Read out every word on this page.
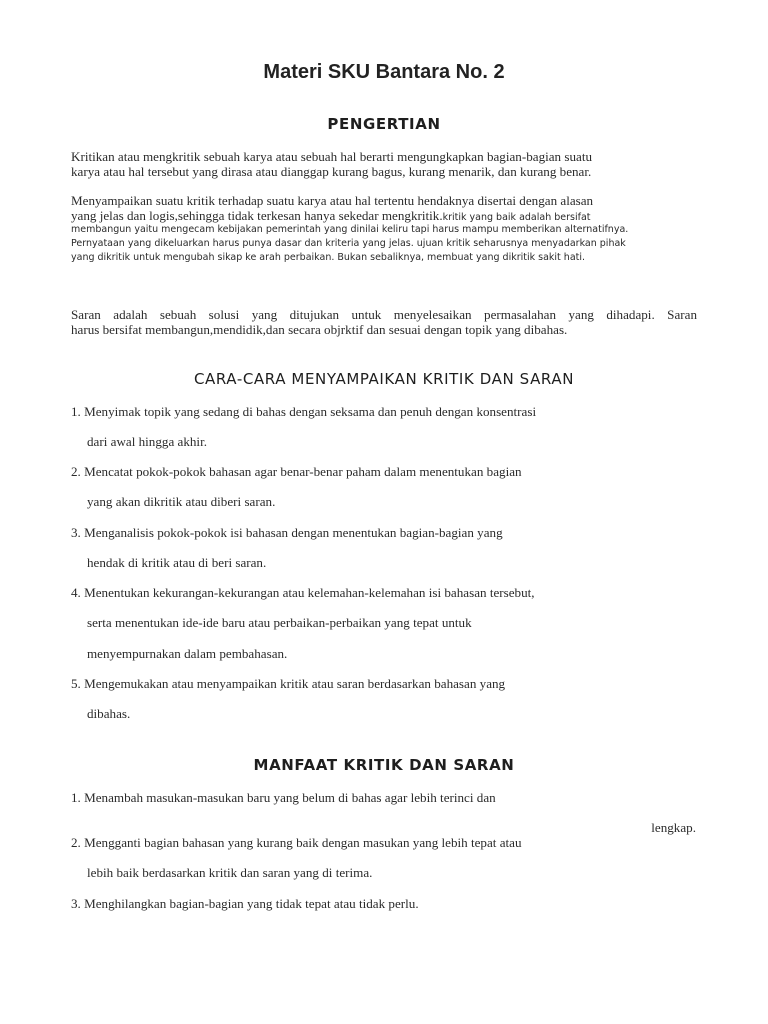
Materi SKU Bantara No. 2
PENGERTIAN
Kritikan atau mengkritik sebuah karya atau sebuah hal berarti mengungkapkan bagian-bagian suatu
karya atau hal tersebut yang dirasa atau dianggap kurang bagus, kurang menarik, dan kurang benar.
Menyampaikan suatu kritik terhadap suatu karya atau hal tertentu hendaknya disertai dengan alasan
yang jelas dan logis,sehingga tidak terkesan hanya sekedar mengkritik.kritik yang baik adalah bersifat
membangun yaitu mengecam kebijakan pemerintah yang dinilai keliru tapi harus mampu memberikan alternatifnya.
Pernyataan yang dikeluarkan harus punya dasar dan kriteria yang jelas. ujuan kritik seharusnya menyadarkan pihak
yang dikritik untuk mengubah sikap ke arah perbaikan. Bukan sebaliknya, membuat yang dikritik sakit hati.
Saran adalah sebuah solusi yang ditujukan untuk menyelesaikan permasalahan yang dihadapi. Saran
harus bersifat membangun,mendidik,dan secara objrktif dan sesuai dengan topik yang dibahas.
CARA-CARA MENYAMPAIKAN KRITIK DAN SARAN

1. Menyimak topik yang sedang di bahas dengan seksama dan penuh dengan konsentrasi

dari awal hingga akhir.

2. Mencatat pokok-pokok bahasan agar benar-benar paham dalam menentukan bagian

yang akan dikritik atau diberi saran.

3. Menganalisis pokok-pokok isi bahasan dengan menentukan bagian-bagian yang

hendak di kritik atau di beri saran.

4. Menentukan kekurangan-kekurangan atau kelemahan-kelemahan isi bahasan tersebut,

serta menentukan ide-ide baru atau perbaikan-perbaikan yang tepat untuk

menyempurnakan dalam pembahasan.

5. Mengemukakan atau menyampaikan kritik atau saran berdasarkan bahasan yang

dibahas.

MANFAAT KRITIK DAN SARAN

1. Menambah masukan-masukan baru yang belum di bahas agar lebih terinci dan

lengkap.

2. Mengganti bagian bahasan yang kurang baik dengan masukan yang lebih tepat atau

lebih baik berdasarkan kritik dan saran yang di terima.

3. Menghilangkan bagian-bagian yang tidak tepat atau tidak perlu.
